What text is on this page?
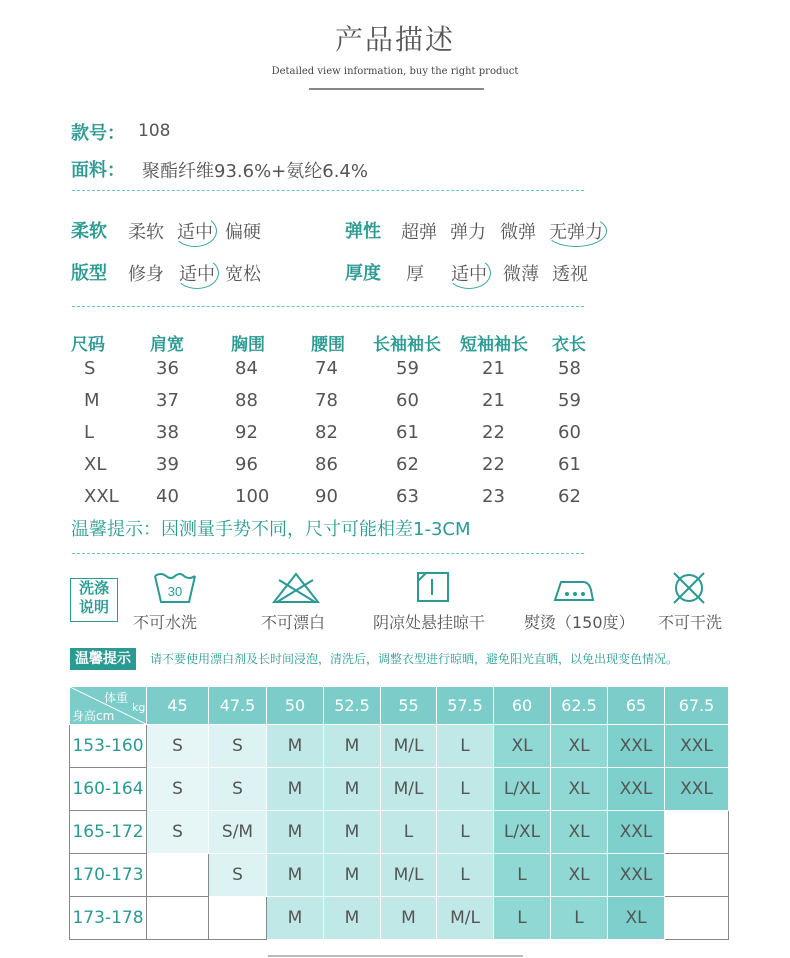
产品描述
Detailed view information, buy the right product
款号： 108
面料： 聚酯纤维93.6%+氨纶6.4%
柔软 柔软 适中 偏硬	弹性 超弹 弹力 微弹 无弹力
版型 修身 适中 宽松	厚度 厚 适中 微薄 透视
尺码	肩宽	胸围	腰围 长袖袖长 短袖袖长 衣长
S	36	84	74	59	21	58
M	37	88	78	60	21	59
L	38	92	82	61	22	60
XL	39	96	86	62	22	61
XXL 40	100	90	63	23	62
温馨提示：因测量手势不同，尺寸可能相差1-3CM
洗涤
说明
30
不可水洗	不可漂白	阴凉处悬挂晾干 熨烫（150度） 不可干洗
温馨提示	请不要使用漂白剂及长时间浸泡，清洗后，调整衣型进行晾晒，避免阳光直晒，以免出现变色情况。
体重
kg
身高cm	45	47.5	50	52.5	55	57.5	60	62.5	65	67.5
153-160	S	S	M	M	M/L	L	XL	XL	XXL	XXL
160-164	S	S	M	M	M/L	L	L/XL	XL	XXL	XXL
165-172	S	S/M	M	M	L	L	L/XL	XL	XXL	
170-173		S	M	M	M/L	L	L	XL	XXL	
173-178			M	M	M	M/L	L	L	XL	
